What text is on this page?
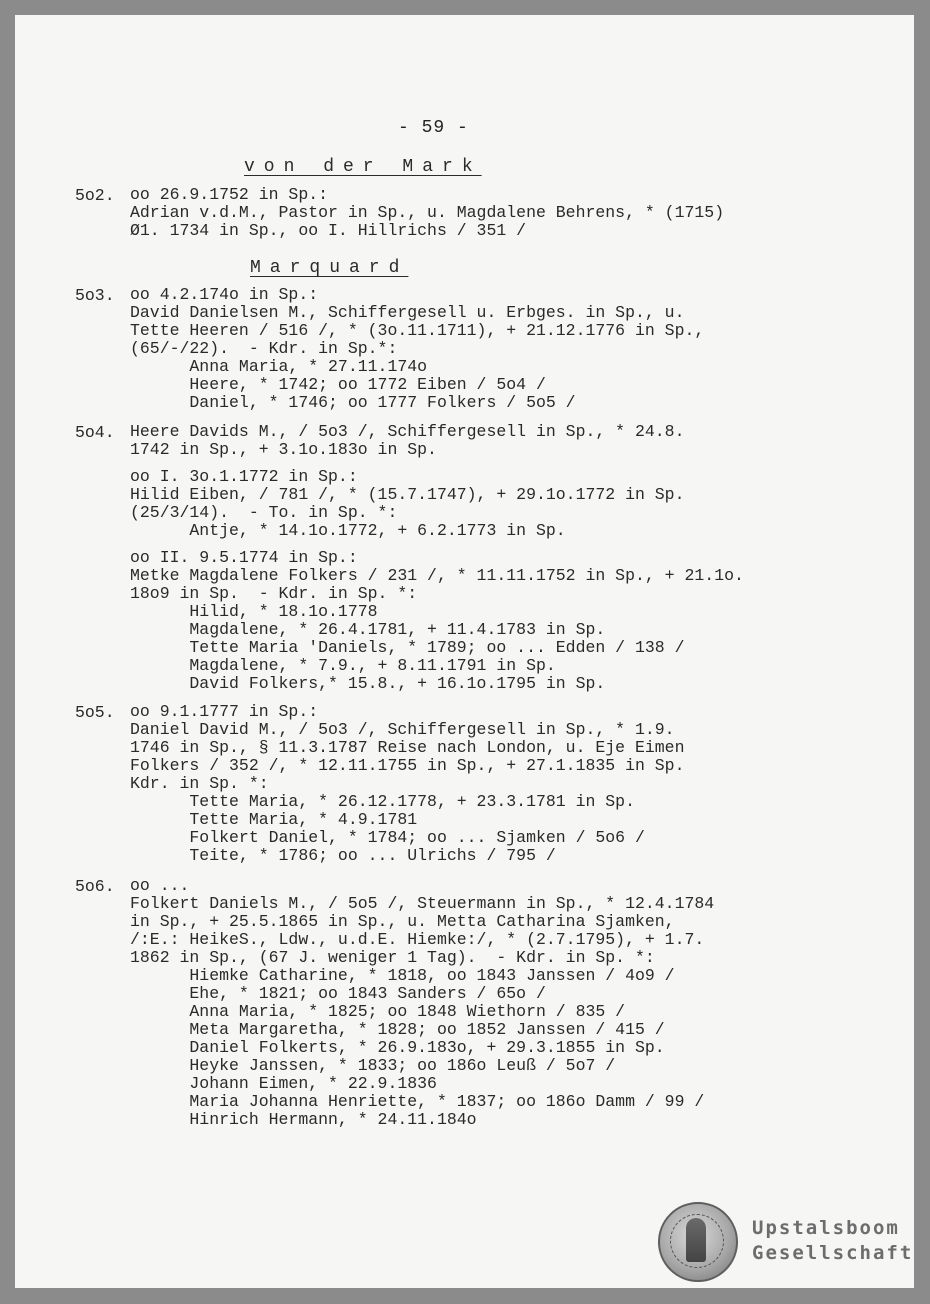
- 59 -
von der Mark
Marquard
5o2. oo 26.9.1752 in Sp.:
Adrian v.d.M., Pastor in Sp., u. Magdalene Behrens, * (1715)
Ø1. 1734 in Sp., oo I. Hillrichs / 351 /
5o3. oo 4.2.174o in Sp.:
David Danielsen M., Schiffergesell u. Erbges. in Sp., u.
Tette Heeren / 516 /, * (3o.11.1711), + 21.12.1776 in Sp.,
(65/-/22).  - Kdr. in Sp.*:
Anna Maria, * 27.11.174o
Heere, * 1742; oo 1772 Eiben / 5o4 /
Daniel, * 1746; oo 1777 Folkers / 5o5 /
5o4. Heere Davids M., / 5o3 /, Schiffergesell in Sp., * 24.8.
1742 in Sp., + 3.1o.183o in Sp.
oo I. 3o.1.1772 in Sp.:
Hilid Eiben, / 781 /, * (15.7.1747), + 29.1o.1772 in Sp.
(25/3/14).  - To. in Sp. *:
Antje, * 14.1o.1772, + 6.2.1773 in Sp.
oo II. 9.5.1774 in Sp.:
Metke Magdalene Folkers / 231 /, * 11.11.1752 in Sp., + 21.1o.
18o9 in Sp.  - Kdr. in Sp. *:
Hilid, * 18.1o.1778
Magdalene, * 26.4.1781, + 11.4.1783 in Sp.
Tette Maria 'Daniels, * 1789; oo ... Edden / 138 /
Magdalene, * 7.9., + 8.11.1791 in Sp.
David Folkers,* 15.8., + 16.1o.1795 in Sp.
5o5. oo 9.1.1777 in Sp.:
Daniel David M., / 5o3 /, Schiffergesell in Sp., * 1.9.
1746 in Sp., § 11.3.1787 Reise nach London, u. Eje Eimen
Folkers / 352 /, * 12.11.1755 in Sp., + 27.1.1835 in Sp.
Kdr. in Sp. *:
Tette Maria, * 26.12.1778, + 23.3.1781 in Sp.
Tette Maria, * 4.9.1781
Folkert Daniel, * 1784; oo ... Sjamken / 5o6 /
Teite, * 1786; oo ... Ulrichs / 795 /
5o6. oo ...
Folkert Daniels M., / 5o5 /, Steuermann in Sp., * 12.4.1784
in Sp., + 25.5.1865 in Sp., u. Metta Catharina Sjamken,
/:E.: HeikeS., Ldw., u.d.E. Hiemke:/, * (2.7.1795), + 1.7.
1862 in Sp., (67 J. weniger 1 Tag).  - Kdr. in Sp. *:
Hiemke Catharine, * 1818, oo 1843 Janssen / 4o9 /
Ehe, * 1821; oo 1843 Sanders / 65o /
Anna Maria, * 1825; oo 1848 Wiethorn / 835 /
Meta Margaretha, * 1828; oo 1852 Janssen / 415 /
Daniel Folkerts, * 26.9.183o, + 29.3.1855 in Sp.
Heyke Janssen, * 1833; oo 186o Leuß / 5o7 /
Johann Eimen, * 22.9.1836
Maria Johanna Henriette, * 1837; oo 186o Damm / 99 /
Hinrich Hermann, * 24.11.184o
Upstalsboom
Gesellschaft
